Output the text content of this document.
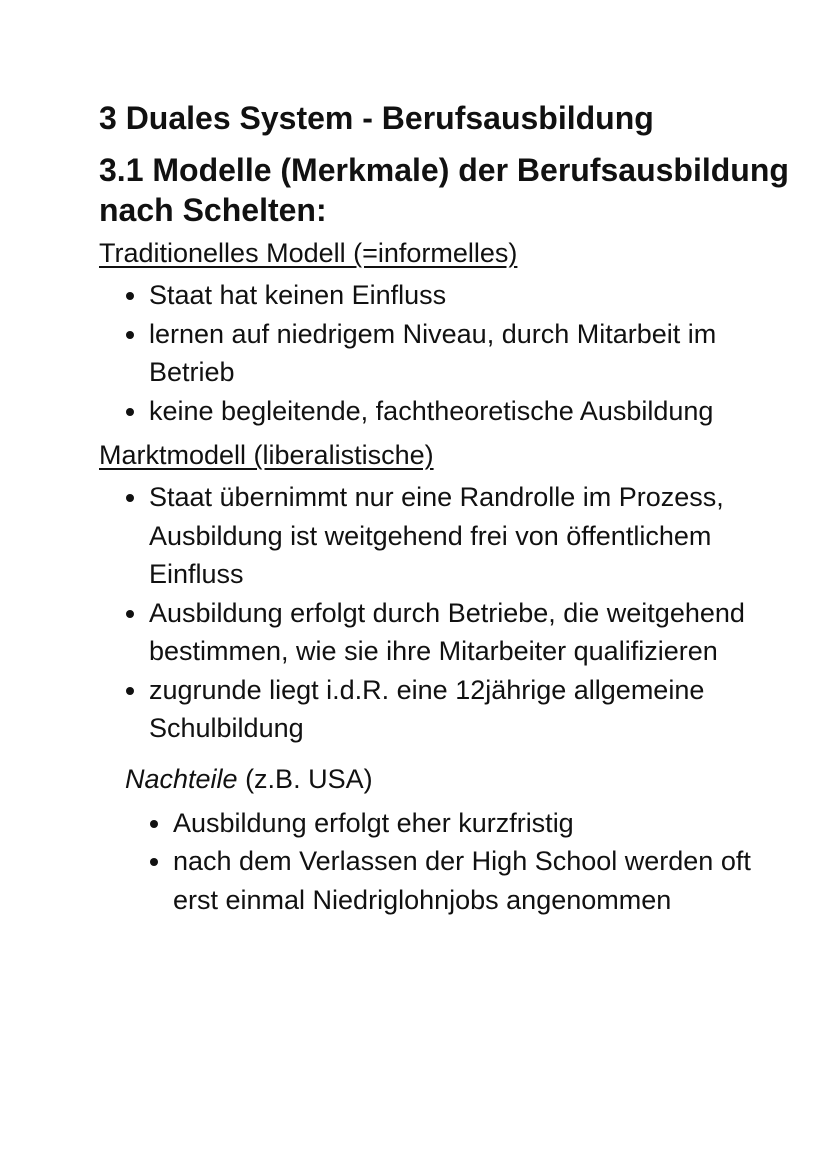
3 Duales System - Berufsausbildung
3.1 Modelle (Merkmale) der Berufsausbildung nach Schelten:
Traditionelles Modell (=informelles)
Staat hat keinen Einfluss
lernen auf niedrigem Niveau, durch Mitarbeit im Betrieb
keine begleitende, fachtheoretische Ausbildung
Marktmodell (liberalistische)
Staat übernimmt nur eine Randrolle im Prozess, Ausbildung ist weitgehend frei von öffentlichem Einfluss
Ausbildung erfolgt durch Betriebe, die weitgehend bestimmen, wie sie ihre Mitarbeiter qualifizieren
zugrunde liegt i.d.R. eine 12jährige allgemeine Schulbildung
Nachteile (z.B. USA)
Ausbildung erfolgt eher kurzfristig
nach dem Verlassen der High School werden oft erst einmal Niedriglohnjobs angenommen
